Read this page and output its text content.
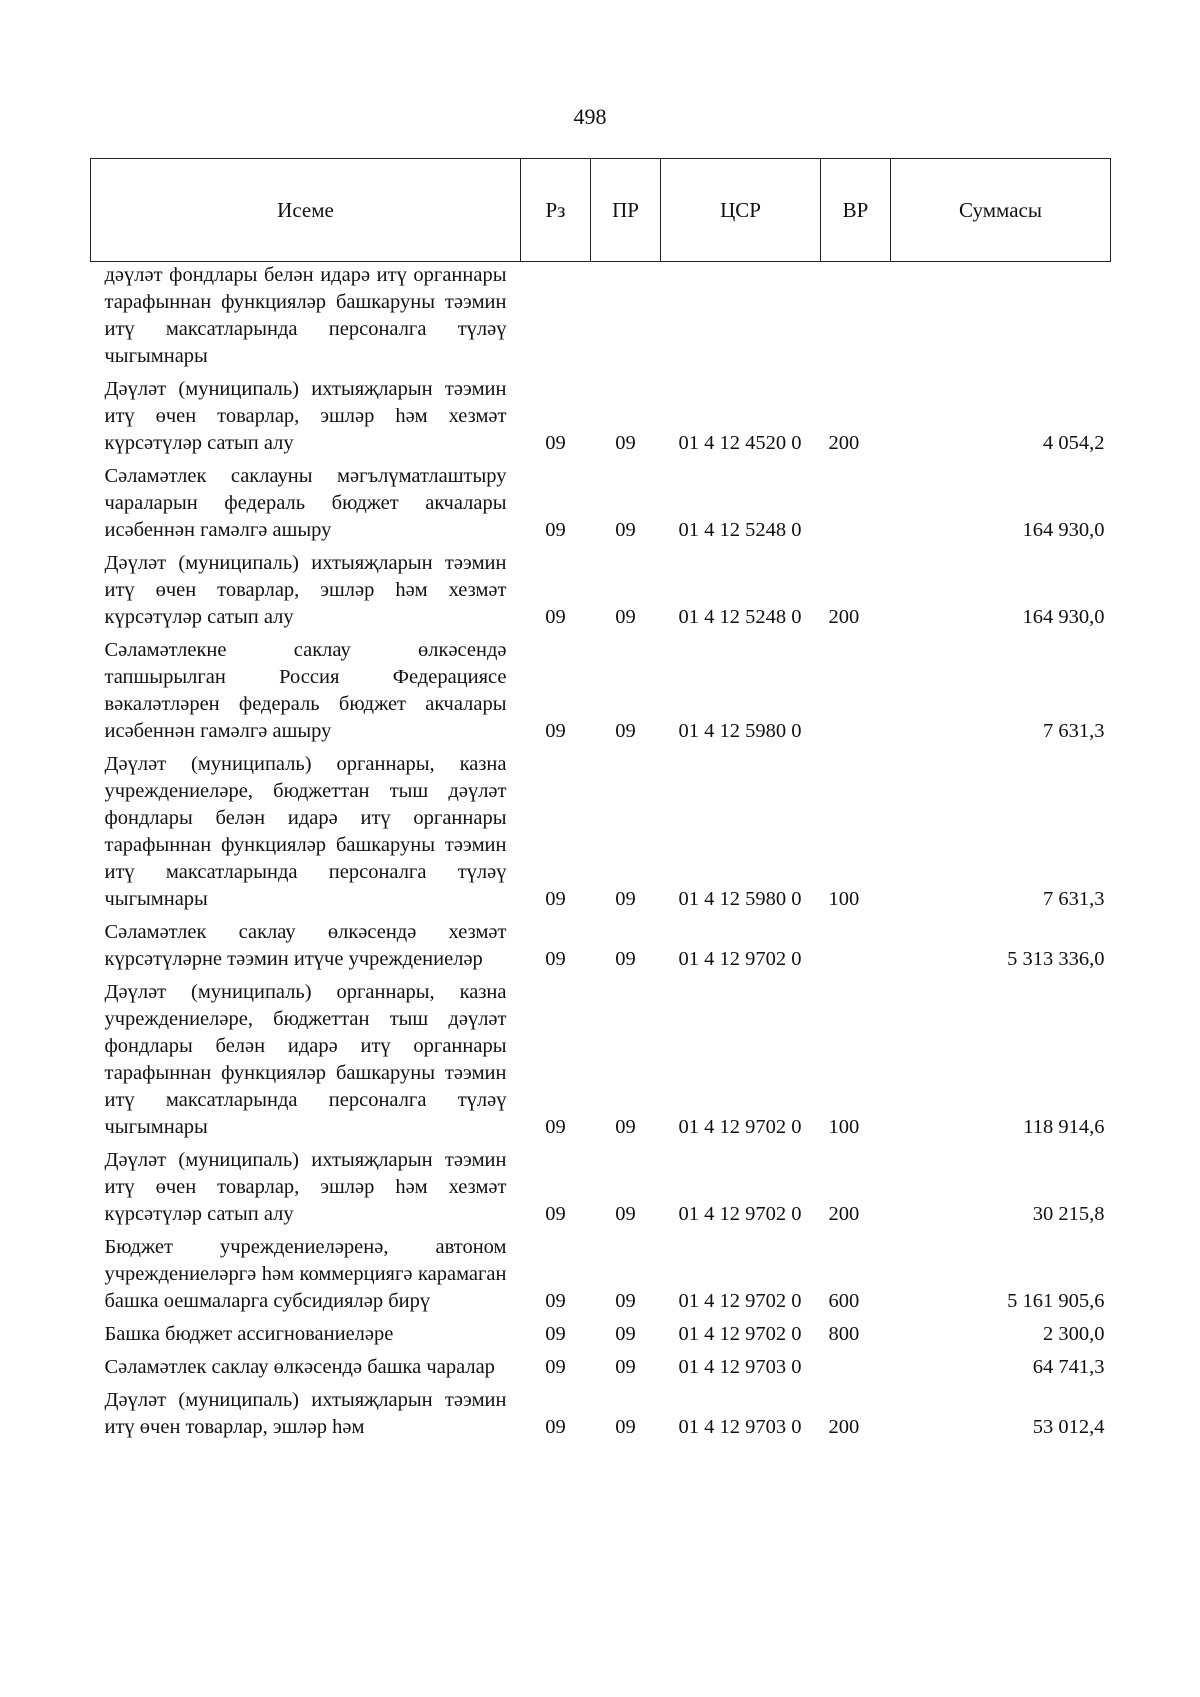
498
Исеме	Рз	ПР	ЦСР	ВР	Суммасы
дәүләт фондлары белән идарә итү органнары тарафыннан функцияләр башкаруны тәэмин итү максатларында персоналга түләү чыгымнары					
Дәүләт (муниципаль) ихтыяҗларын тәэмин итү өчен товарлар, эшләр һәм хезмәт күрсәтүләр сатып алу	09	09	01 4 12 4520 0	200	4 054,2
Сәламәтлек саклауны мәгълүматлаштыру чараларын федераль бюджет акчалары исәбеннән гамәлгә ашыру	09	09	01 4 12 5248 0		164 930,0
Дәүләт (муниципаль) ихтыяҗларын тәэмин итү өчен товарлар, эшләр һәм хезмәт күрсәтүләр сатып алу	09	09	01 4 12 5248 0	200	164 930,0
Сәламәтлекне саклау өлкәсендә тапшырылган Россия Федерациясе вәкаләтләрен федераль бюджет акчалары исәбеннән гамәлгә ашыру	09	09	01 4 12 5980 0		7 631,3
Дәүләт (муниципаль) органнары, казна учреждениеләре, бюджеттан тыш дәүләт фондлары белән идарә итү органнары тарафыннан функцияләр башкаруны тәэмин итү максатларында персоналга түләү чыгымнары	09	09	01 4 12 5980 0	100	7 631,3
Сәламәтлек саклау өлкәсендә хезмәт күрсәтүләрне тәэмин итүче учреждениеләр	09	09	01 4 12 9702 0		5 313 336,0
Дәүләт (муниципаль) органнары, казна учреждениеләре, бюджеттан тыш дәүләт фондлары белән идарә итү органнары тарафыннан функцияләр башкаруны тәэмин итү максатларында персоналга түләү чыгымнары	09	09	01 4 12 9702 0	100	118 914,6
Дәүләт (муниципаль) ихтыяҗларын тәэмин итү өчен товарлар, эшләр һәм хезмәт күрсәтүләр сатып алу	09	09	01 4 12 9702 0	200	30 215,8
Бюджет учреждениеләренә, автоном учреждениеләргә һәм коммерциягә карамаган башка оешмаларга субсидияләр бирү	09	09	01 4 12 9702 0	600	5 161 905,6
Башка бюджет ассигнованиеләре	09	09	01 4 12 9702 0	800	2 300,0
Сәламәтлек саклау өлкәсендә башка чаралар	09	09	01 4 12 9703 0		64 741,3
Дәүләт (муниципаль) ихтыяҗларын тәэмин итү өчен товарлар, эшләр һәм	09	09	01 4 12 9703 0	200	53 012,4
